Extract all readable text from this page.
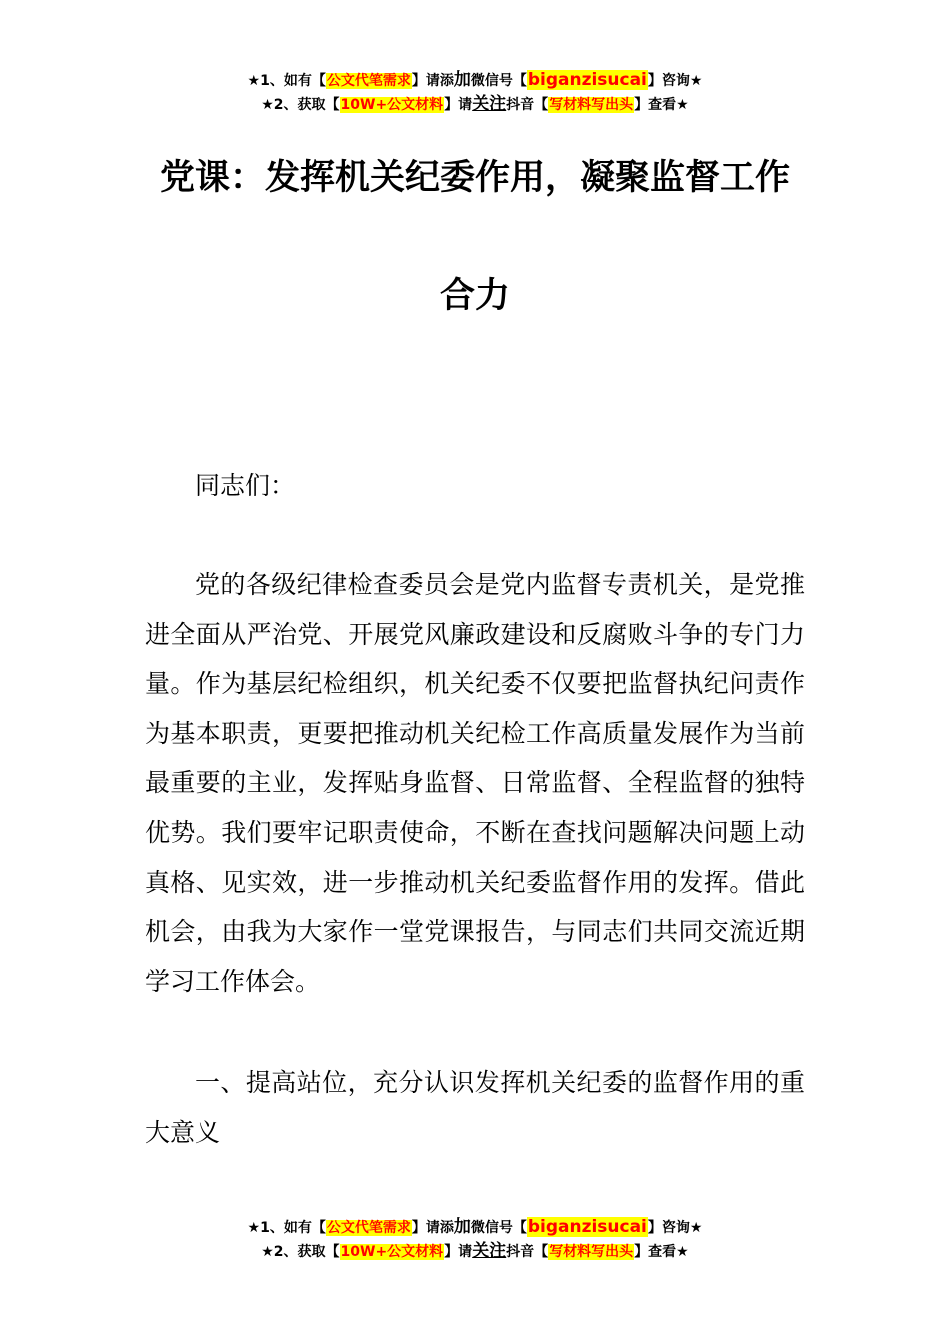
★1、如有【公文代笔需求】请添加微信号【biganzisucai】咨询★
★2、获取【10W+公文材料】请关注抖音【写材料写出头】查看★
党课：发挥机关纪委作用，凝聚监督工作
合力

同志们：

党的各级纪律检查委员会是党内监督专责机关，是党推进全面从严治党、开展党风廉政建设和反腐败斗争的专门力量。作为基层纪检组织，机关纪委不仅要把监督执纪问责作为基本职责，更要把推动机关纪检工作高质量发展作为当前最重要的主业，发挥贴身监督、日常监督、全程监督的独特优势。我们要牢记职责使命，不断在查找问题解决问题上动真格、见实效，进一步推动机关纪委监督作用的发挥。借此机会，由我为大家作一堂党课报告，与同志们共同交流近期学习工作体会。

一、提高站位，充分认识发挥机关纪委的监督作用的重大意义

★1、如有【公文代笔需求】请添加微信号【biganzisucai】咨询★
★2、获取【10W+公文材料】请关注抖音【写材料写出头】查看★
